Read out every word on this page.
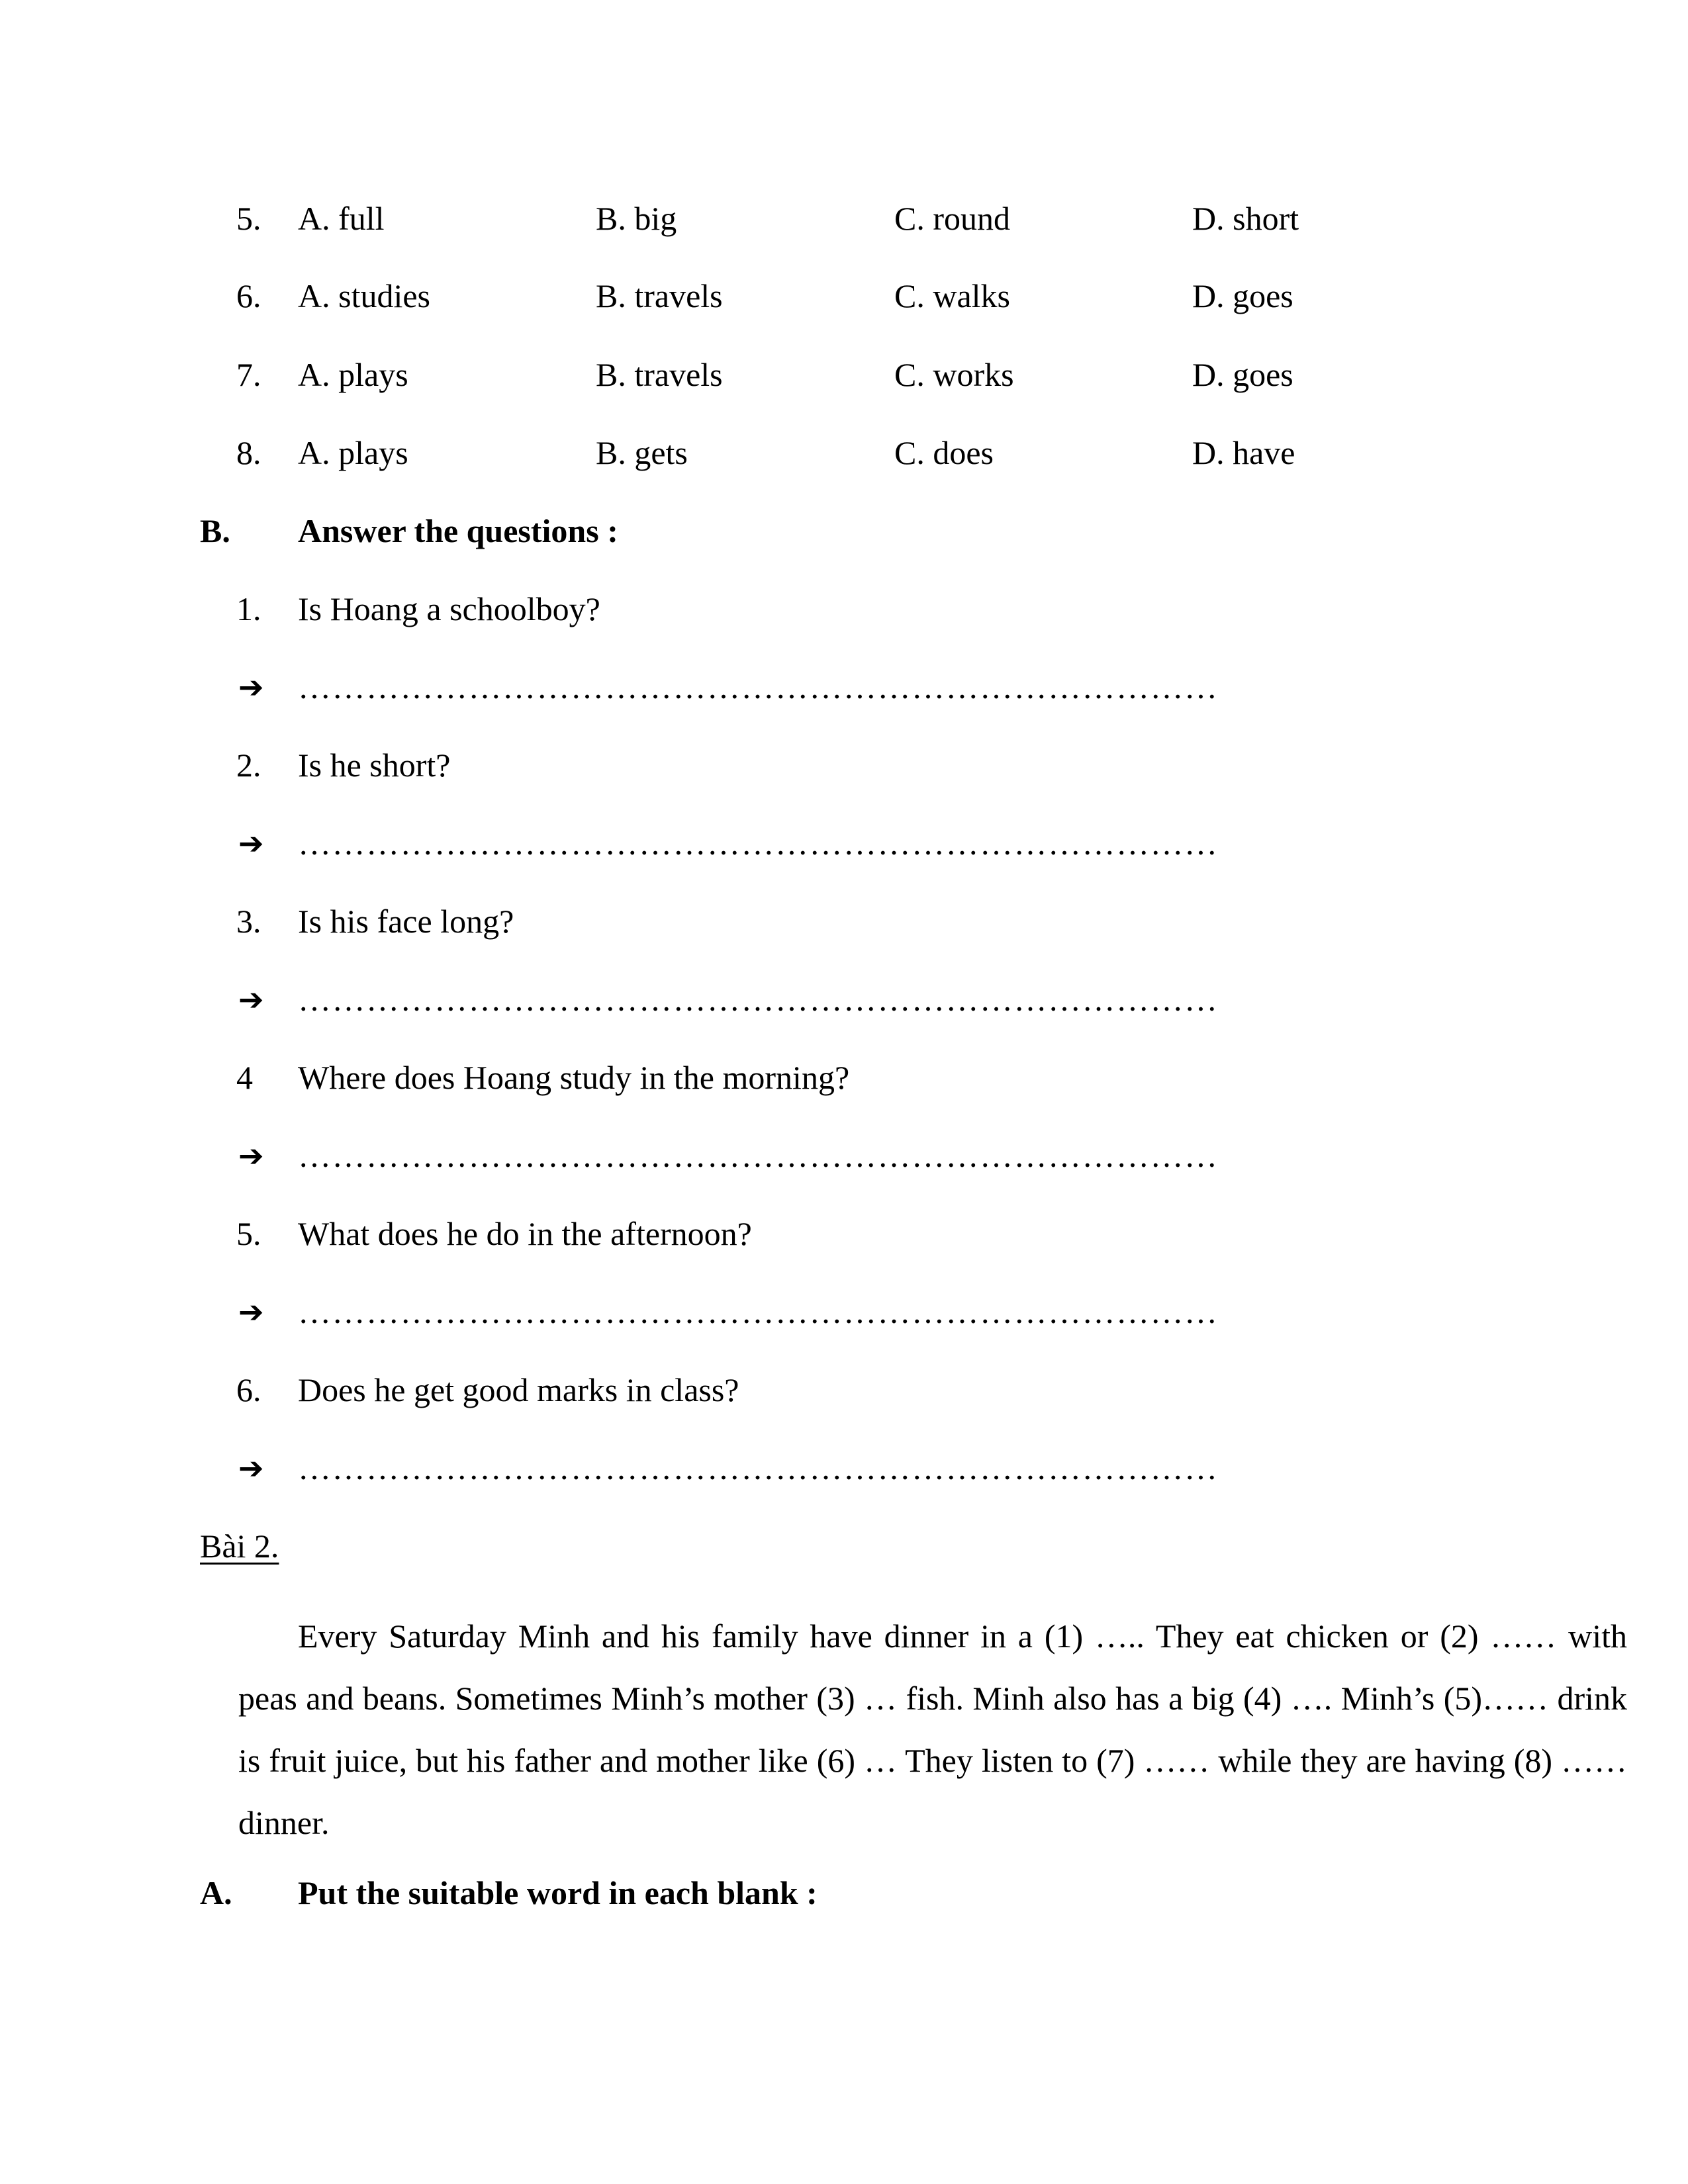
5. A. full	B. big	C. round	D. short
6. A. studies	B. travels	C. walks	D. goes
7. A. plays	B. travels	C. works	D. goes
8. A. plays	B. gets	C. does	D. have
B. Answer the questions :
1. Is Hoang a schoolboy?
➔ ………………………………………………………………………
2. Is he short?
➔ ………………………………………………………………………
3. Is his face long?
➔ ………………………………………………………………………
4 Where does Hoang study in the morning?
➔ ………………………………………………………………………
5. What does he do in the afternoon?
➔ ………………………………………………………………………
6. Does he get good marks in class?
➔ ………………………………………………………………………
Bài 2.

Every Saturday Minh and his family have dinner in a (1) ….. They eat chicken or (2) …… with peas and beans. Sometimes Minh’s mother (3) … fish. Minh also has a big (4) …. Minh’s (5)…… drink is fruit juice, but his father and mother like (6) … They listen to (7) …… while they are having (8) …… dinner.

A. Put the suitable word in each blank :
